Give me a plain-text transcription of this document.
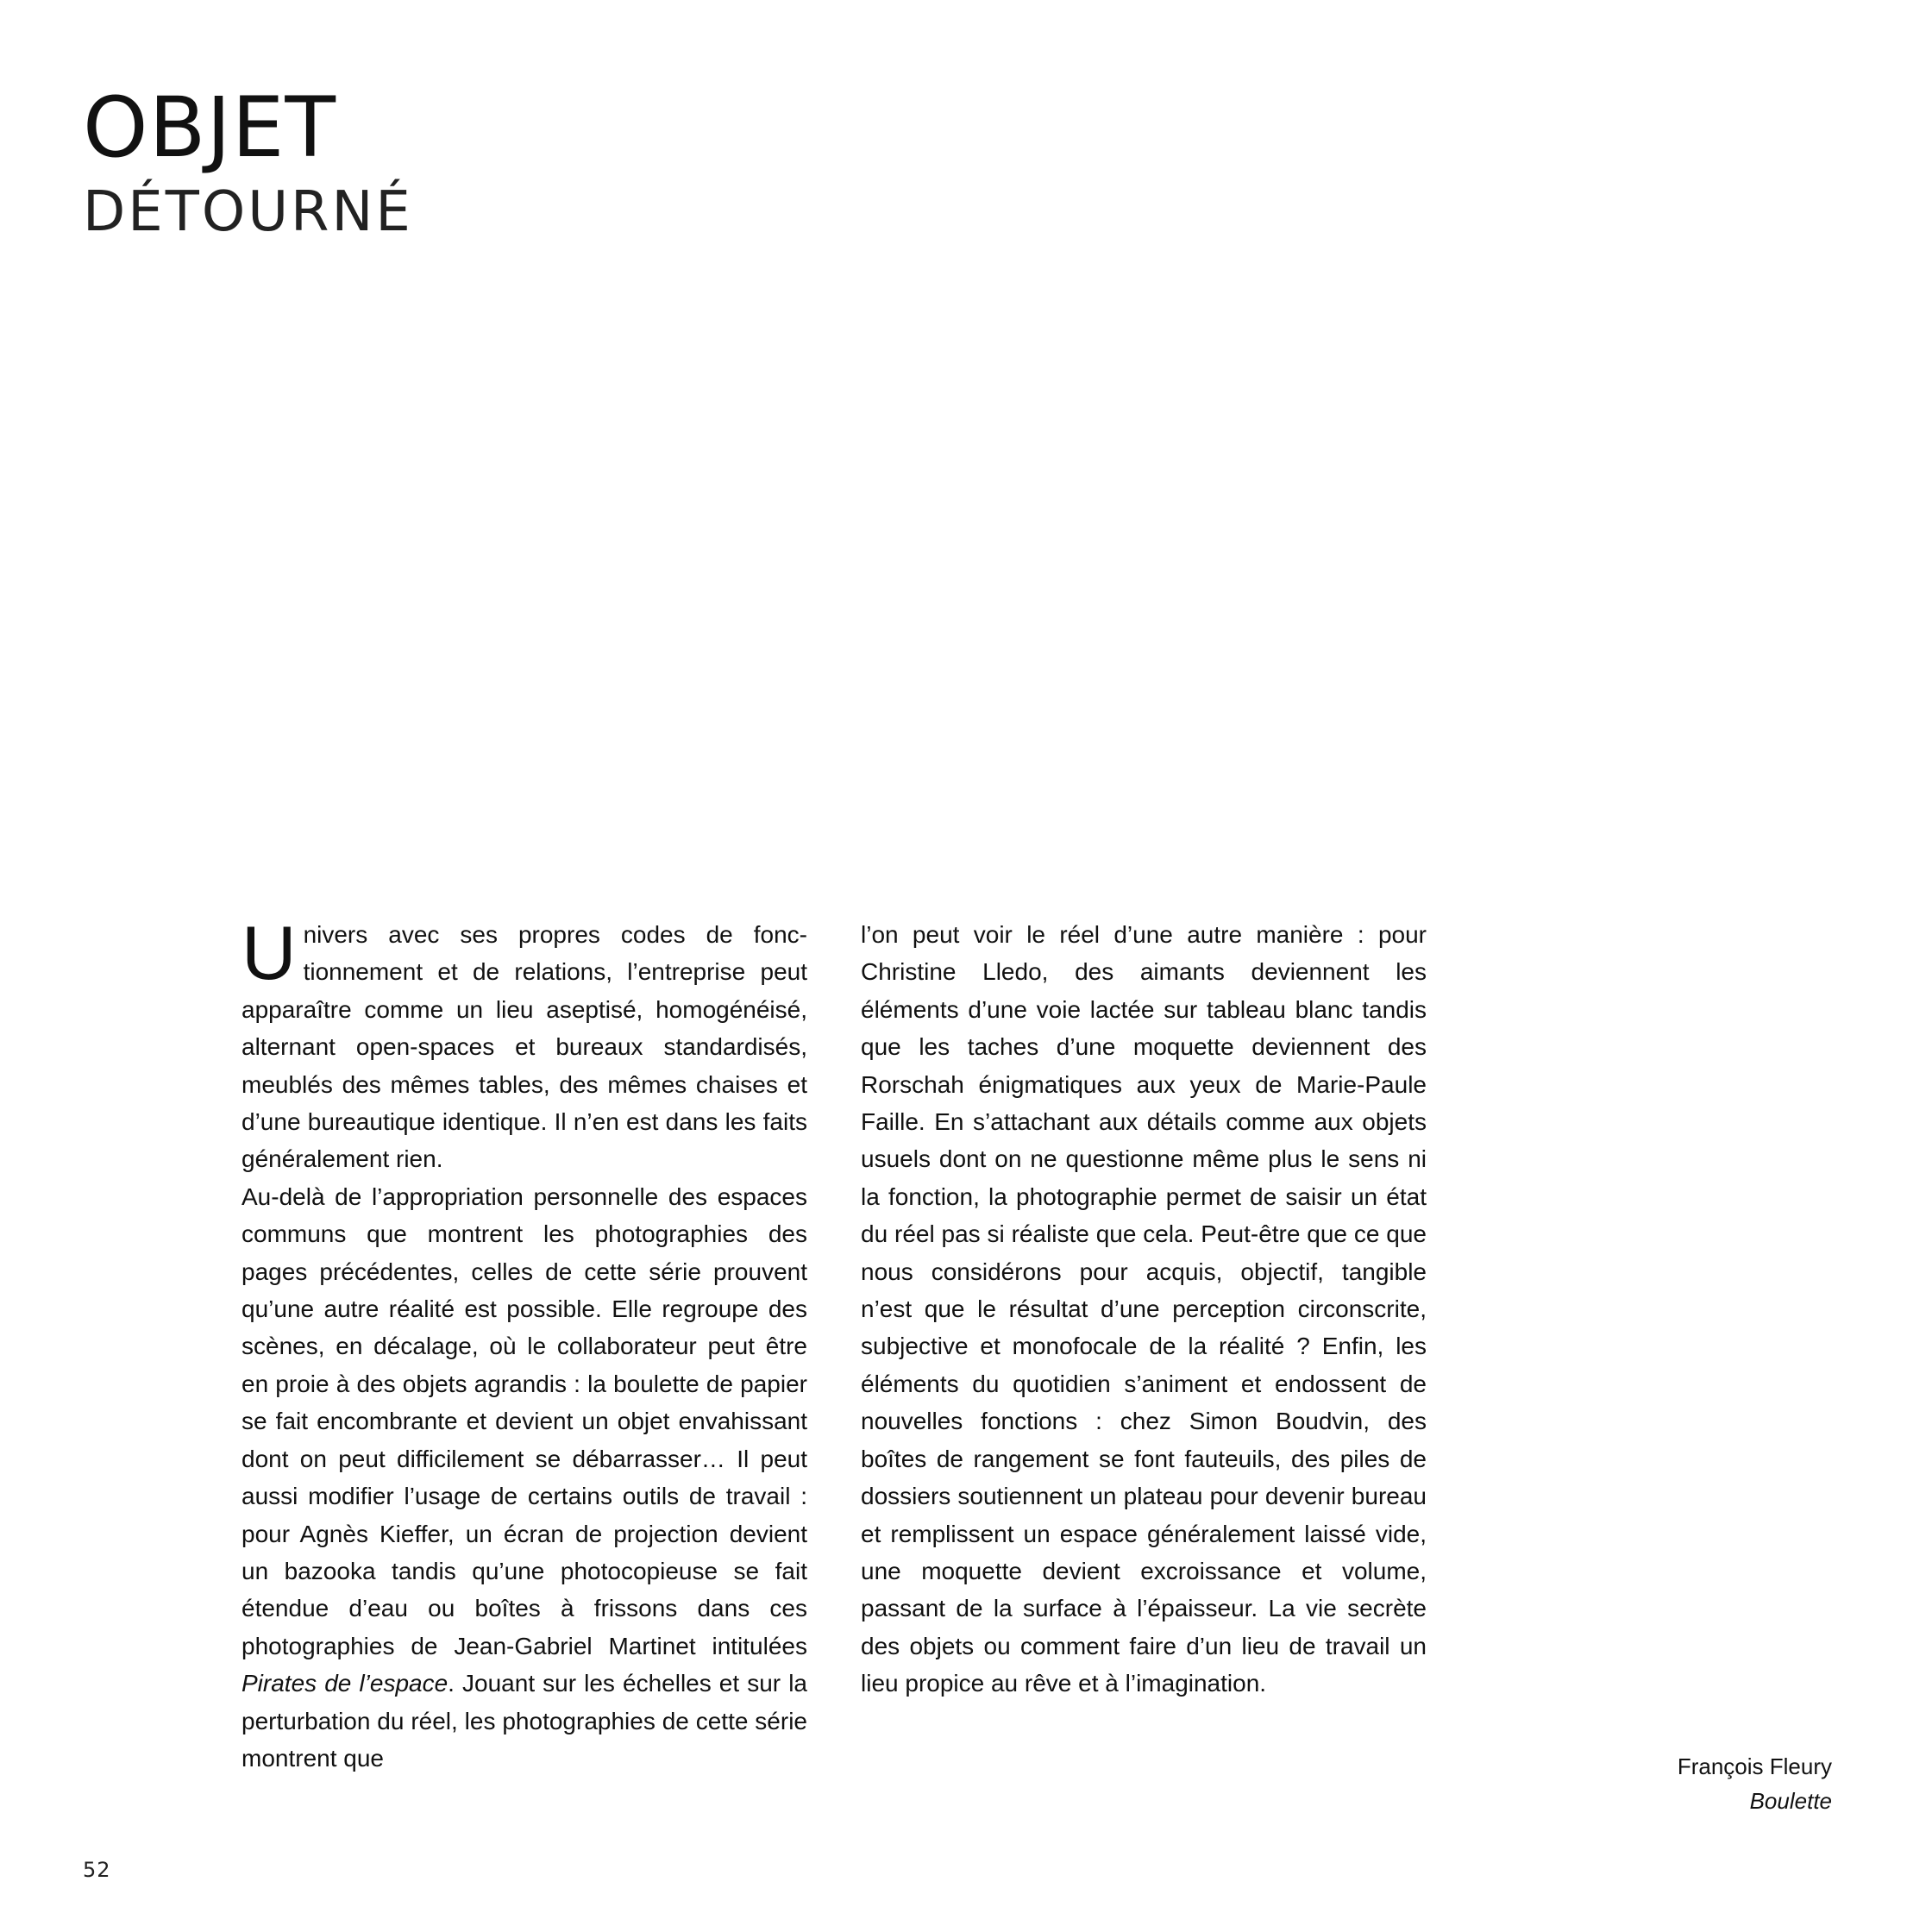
OBJET
DÉTOURNÉ

Univers avec ses propres codes de fonctionnement et de relations, l’entreprise peut apparaître comme un lieu aseptisé, homogénéisé, alternant open-spaces et bureaux standardisés, meublés des mêmes tables, des mêmes chaises et d’une bureautique identique. Il n’en est dans les faits généralement rien.

Au-delà de l’appropriation personnelle des espaces communs que montrent les photographies des pages précédentes, celles de cette série prouvent qu’une autre réalité est possible. Elle regroupe des scènes, en décalage, où le collaborateur peut être en proie à des objets agrandis : la boulette de papier se fait encombrante et devient un objet envahissant dont on peut difficilement se débarrasser… Il peut aussi modifier l’usage de certains outils de travail : pour Agnès Kieffer, un écran de projection devient un bazooka tandis qu’une photocopieuse se fait étendue d’eau ou boîtes à frissons dans ces photographies de Jean-Gabriel Martinet intitulées Pirates de l’espace. Jouant sur les échelles et sur la perturbation du réel, les photographies de cette série montrent que

l’on peut voir le réel d’une autre manière : pour Christine Lledo, des aimants deviennent les éléments d’une voie lactée sur tableau blanc tandis que les taches d’une moquette deviennent des Rorschah énigmatiques aux yeux de Marie-Paule Faille. En s’attachant aux détails comme aux objets usuels dont on ne questionne même plus le sens ni la fonction, la photographie permet de saisir un état du réel pas si réaliste que cela. Peut-être que ce que nous considérons pour acquis, objectif, tangible n’est que le résultat d’une perception circonscrite, subjective et monofocale de la réalité ? Enfin, les éléments du quotidien s’animent et endossent de nouvelles fonctions : chez Simon Boudvin, des boîtes de rangement se font fauteuils, des piles de dossiers soutiennent un plateau pour devenir bureau et remplissent un espace généralement laissé vide, une moquette devient excroissance et volume, passant de la surface à l’épaisseur. La vie secrète des objets ou comment faire d’un lieu de travail un lieu propice au rêve et à l’imagination.

François Fleury
Boulette
52
